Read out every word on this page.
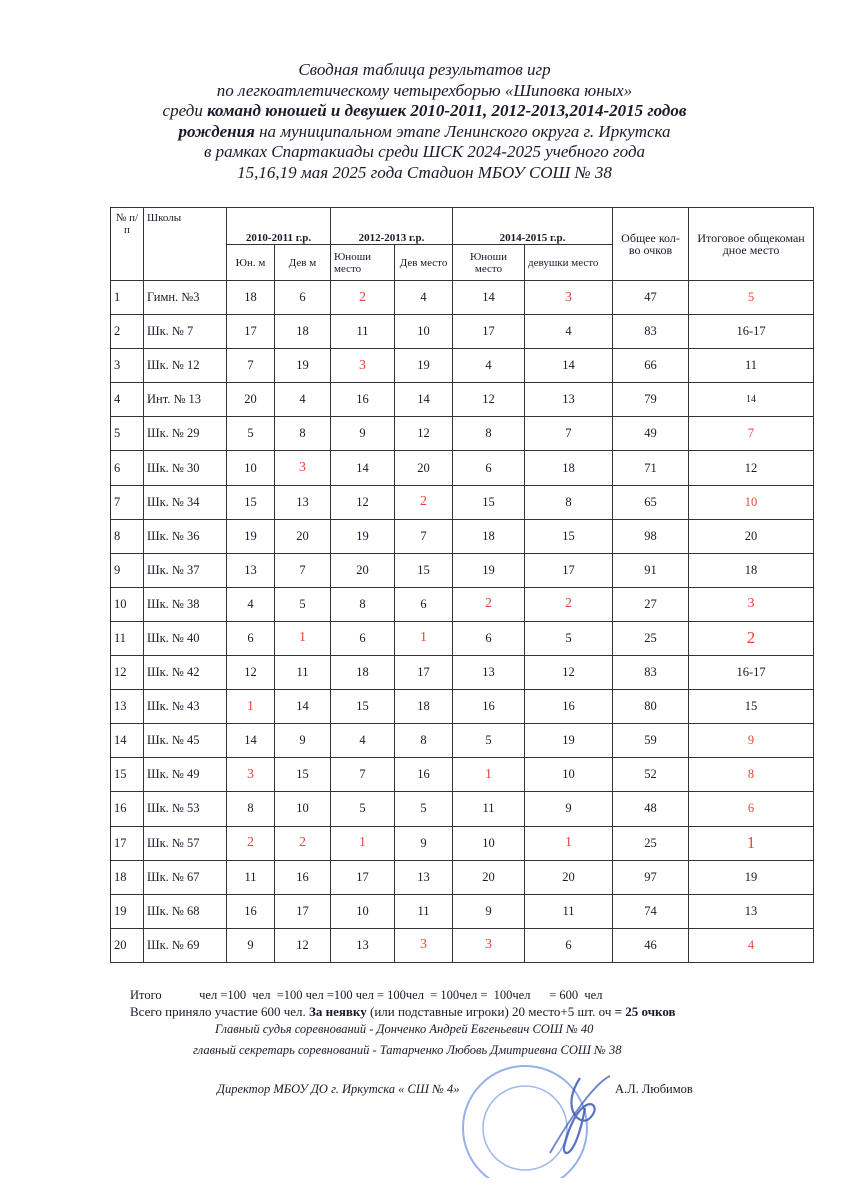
Сводная таблица результатов игр
по легкоатлетическому четырехборью «Шиповка юных»
среди команд юношей и девушек 2010-2011, 2012-2013,2014-2015 годов
рождения на муниципальном этапе Ленинского округа г. Иркутска
в рамках Спартакиады среди ШСК 2024-2025 учебного года
15,16,19 мая 2025 года Стадион МБОУ СОШ № 38
№ п/ п	Школы	2010-2011 г.р.		2012-2013 г.р.		2014-2015 г.р.		Общее кол-во очков	Итоговое общекоман дное место
		Юн. м	Дев м	Юноши место	Дев место	Юноши место	девушки место		
1	Гимн. №3	18	6	2	4	14	3	47	5
2	Шк. № 7	17	18	11	10	17	4	83	16-17
3	Шк. № 12	7	19	3	19	4	14	66	11
4	Инт. № 13	20	4	16	14	12	13	79	14
5	Шк. № 29	5	8	9	12	8	7	49	7
6	Шк. № 30	10	3	14	20	6	18	71	12
7	Шк. № 34	15	13	12	2	15	8	65	10
8	Шк. № 36	19	20	19	7	18	15	98	20
9	Шк. № 37	13	7	20	15	19	17	91	18
10	Шк. № 38	4	5	8	6	2	2	27	3
11	Шк. № 40	6	1	6	1	6	5	25	2
12	Шк. № 42	12	11	18	17	13	12	83	16-17
13	Шк. № 43	1	14	15	18	16	16	80	15
14	Шк. № 45	14	9	4	8	5	19	59	9
15	Шк. № 49	3	15	7	16	1	10	52	8
16	Шк. № 53	8	10	5	5	11	9	48	6
17	Шк. № 57	2	2	1	9	10	1	25	1
18	Шк. № 67	11	16	17	13	20	20	97	19
19	Шк. № 68	16	17	10	11	9	11	74	13
20	Шк. № 69	9	12	13	3	3	6	46	4
Итого            чел =100  чел  =100 чел =100 чел = 100чел  = 100чел =  100чел      = 600  чел
Всего приняло участие 600 чел. За неявку (или подставные игроки) 20 место+5 шт. оч = 25 очков
Главный судья соревнований - Донченко Андрей Евгеньевич СОШ № 40
главный секретарь соревнований - Татарченко Любовь Дмитриевна СОШ № 38
Директор МБОУ ДО г. Иркутска « СШ № 4»	А.Л. Любимов
